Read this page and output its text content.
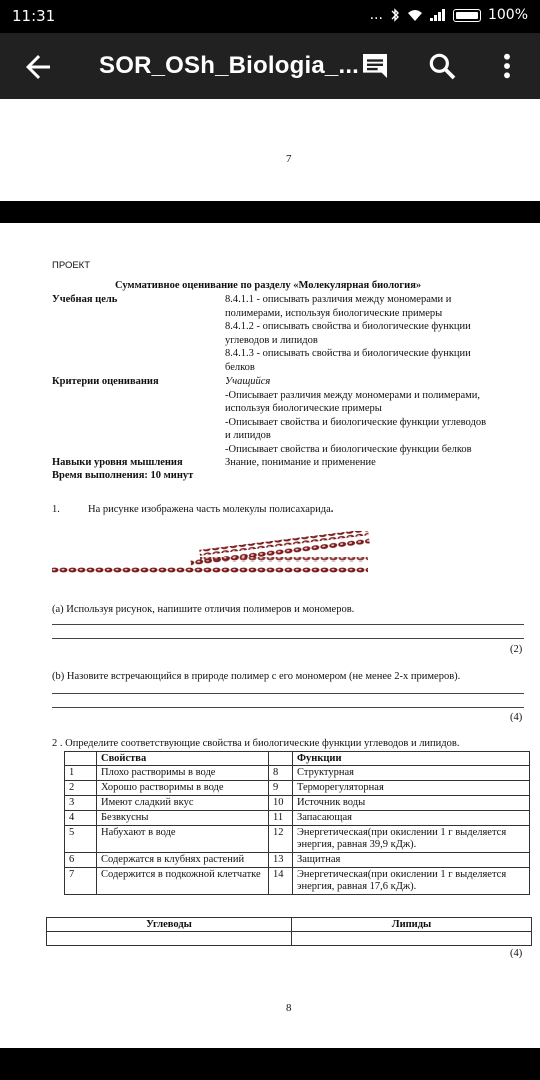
11:31	...	100%
SOR_OSh_Biologia_...
7
ПРОЕКТ
Суммативное оценивание по разделу «Молекулярная биология»
Учебная цель	8.4.1.1 - описывать различия между мономерами и
полимерами, используя биологические примеры
8.4.1.2 - описывать свойства и биологические функции
углеводов и липидов
8.4.1.3 - описывать свойства и биологические функции
белков
Критерии оценивания	Учащийся
-Описывает различия между мономерами и полимерами,
используя биологические примеры
-Описывает свойства и биологические функции углеводов
и липидов
-Описывает свойства и биологические функции белков
Навыки уровня мышления	Знание, понимание и применение
Время выполнения: 10 минут
1.	На рисунке изображена часть молекулы полисахарида.
(a) Используя рисунок, напишите отличия полимеров и мономеров.
(2)
(b) Назовите встречающийся в природе полимер с его мономером (не менее 2-х примеров).
(4)
2 . Определите соответствующие свойства и биологические функции углеводов и липидов.
	Свойства		Функции
1	Плохо растворимы в воде	8	Структурная
2	Хорошо растворимы в воде	9	Терморегуляторная
3	Имеют сладкий вкус	10	Источник воды
4	Безвкусны	11	Запасающая
5	Набухают в воде	12	Энергетическая(при окислении 1 г выделяется энергия, равная 39,9 кДж).
6	Содержатся в клубнях растений	13	Защитная
7	Содержится в подкожной клетчатке	14	Энергетическая(при окислении 1 г выделяется энергия, равная 17,6 кДж).
Углеводы	Липиды

(4)
8
